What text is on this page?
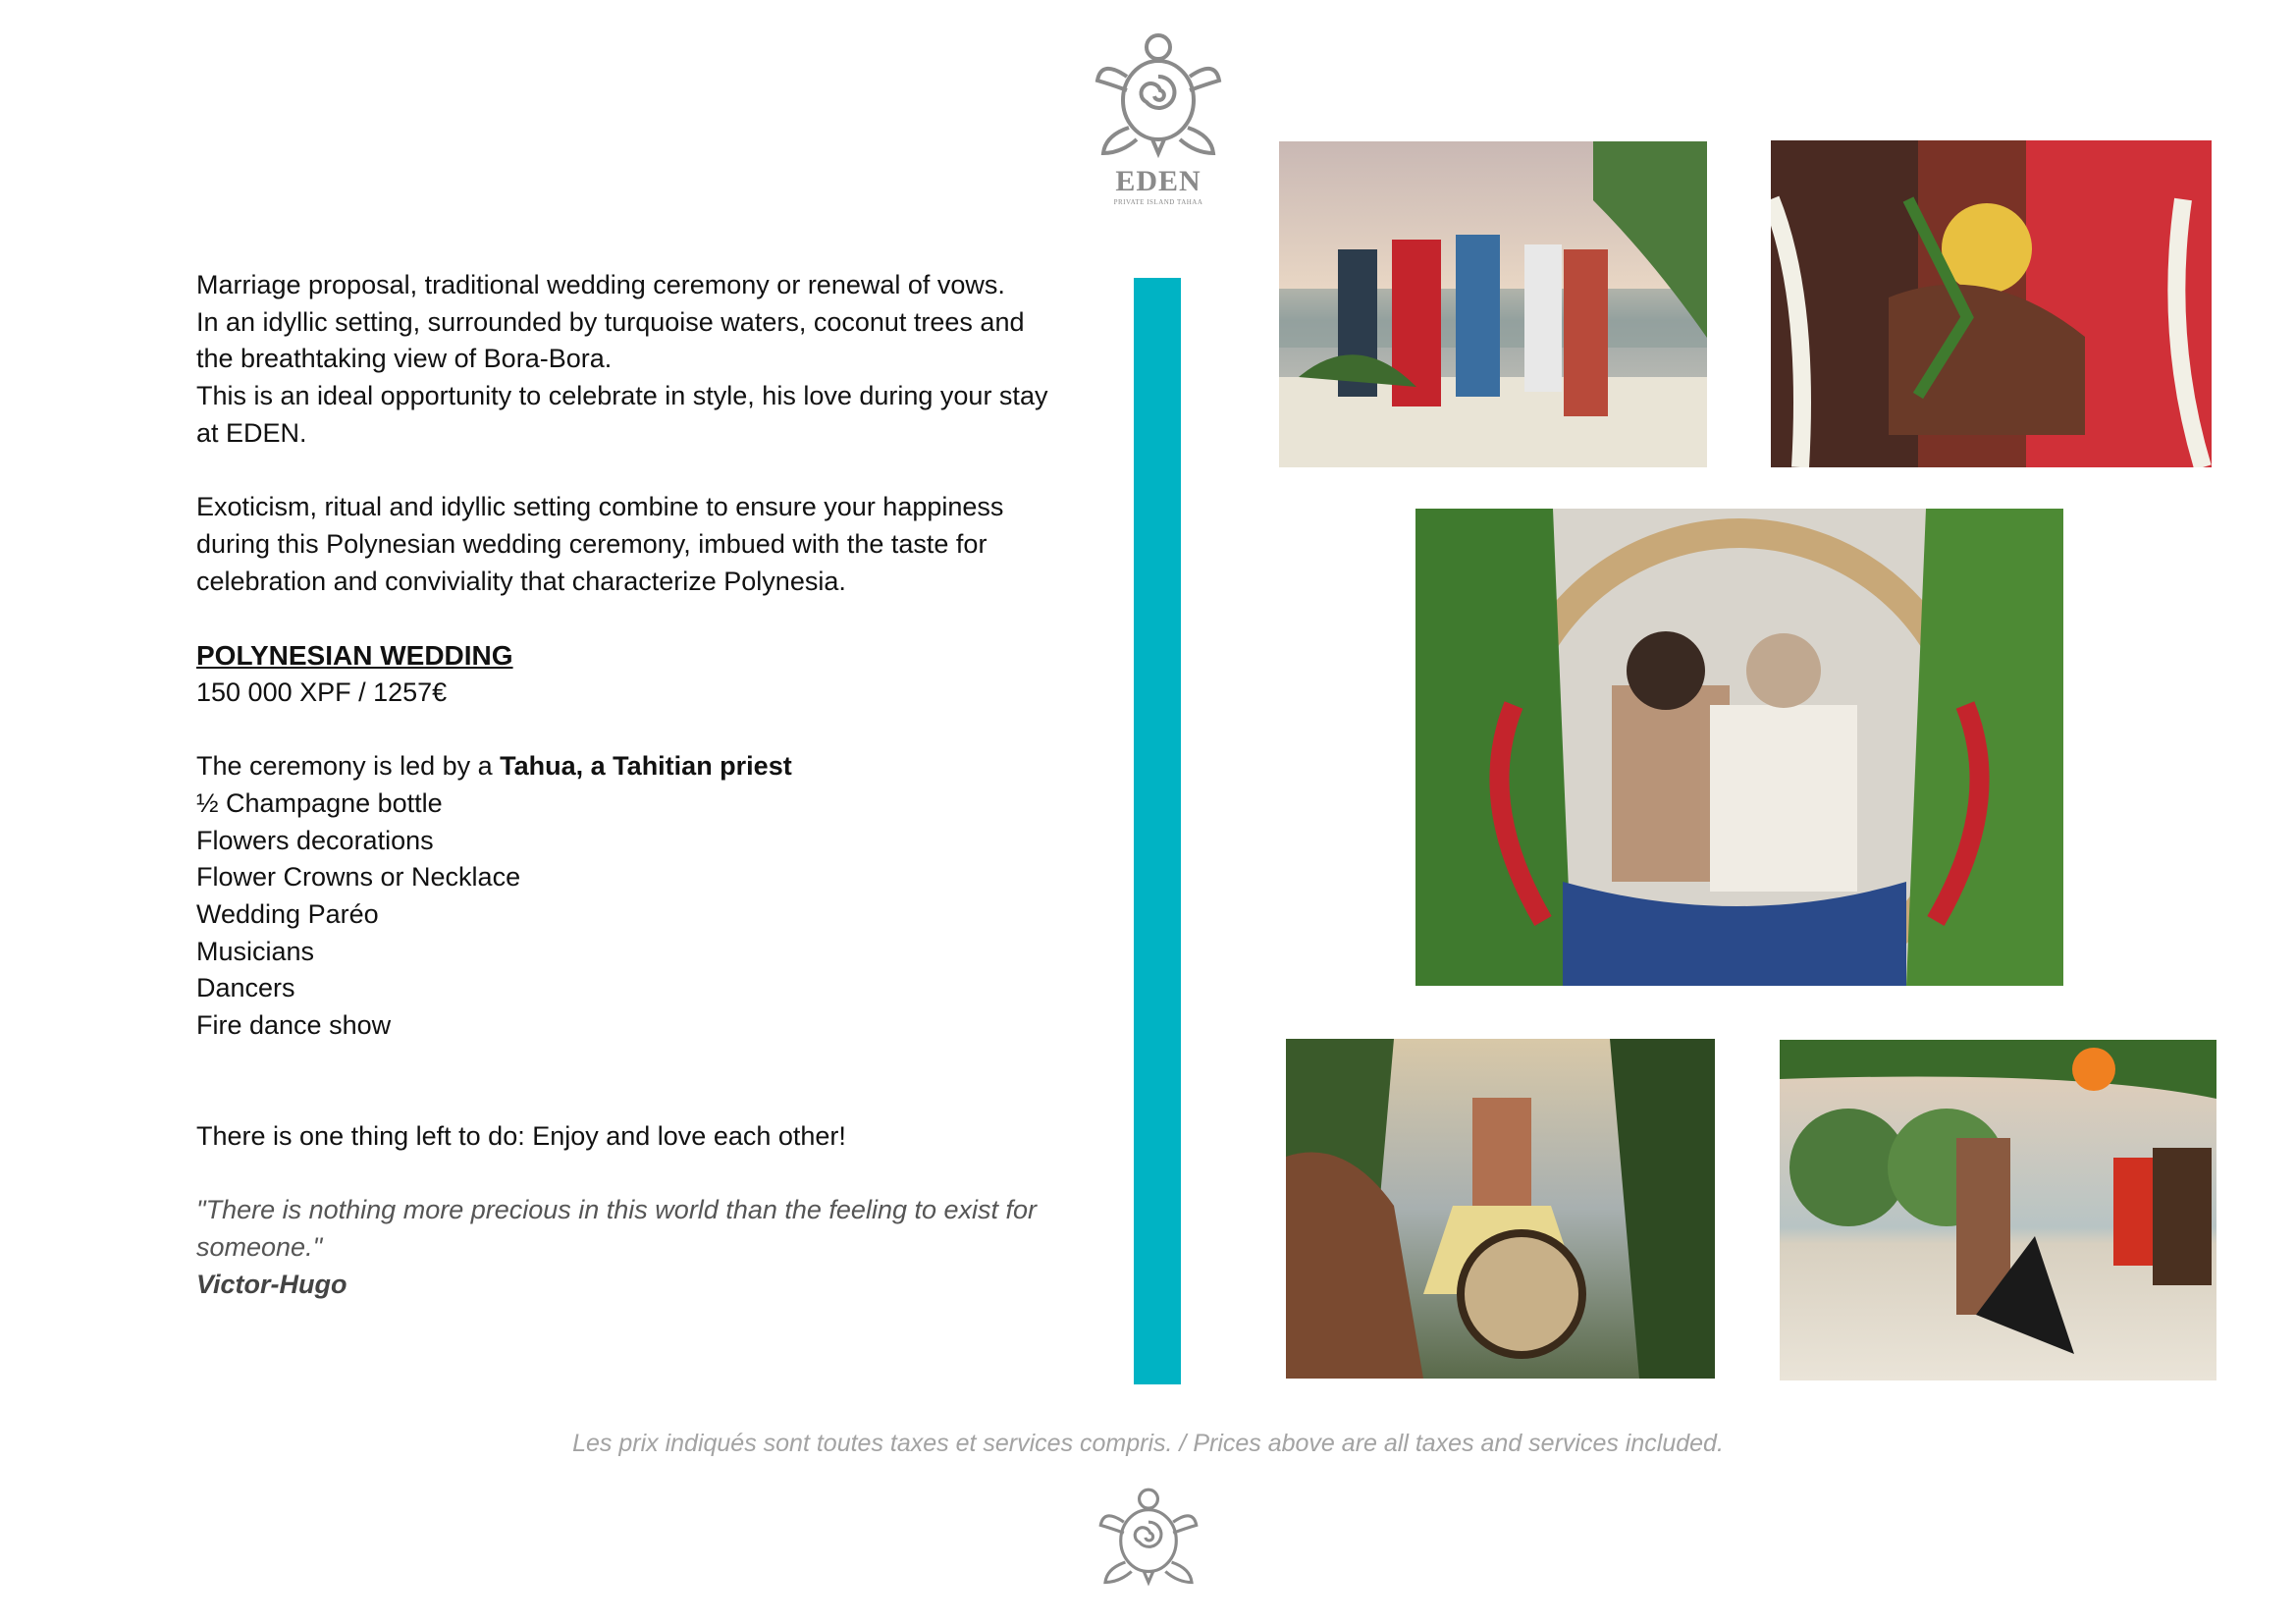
EDEN
PRIVATE ISLAND TAHAA

Marriage proposal, traditional wedding ceremony or renewal of vows.

In an idyllic setting, surrounded by turquoise waters, coconut trees and

the breathtaking view of Bora-Bora.

This is an ideal opportunity to celebrate in style, his love during your stay

at EDEN.

Exoticism, ritual and idyllic setting combine to ensure your happiness

during this Polynesian wedding ceremony, imbued with the taste for

celebration and conviviality that characterize Polynesia.

POLYNESIAN WEDDING

150 000 XPF / 1257€

The ceremony is led by a Tahua, a Tahitian priest

½ Champagne bottle

Flowers decorations

Flower Crowns or Necklace

Wedding Paréo

Musicians

Dancers

Fire dance show

There is one thing left to do: Enjoy and love each other!

"There is nothing more precious in this world than the feeling to exist for

someone."

Victor-Hugo

Les prix indiqués sont toutes taxes et services compris. / Prices above are all taxes and services included.
